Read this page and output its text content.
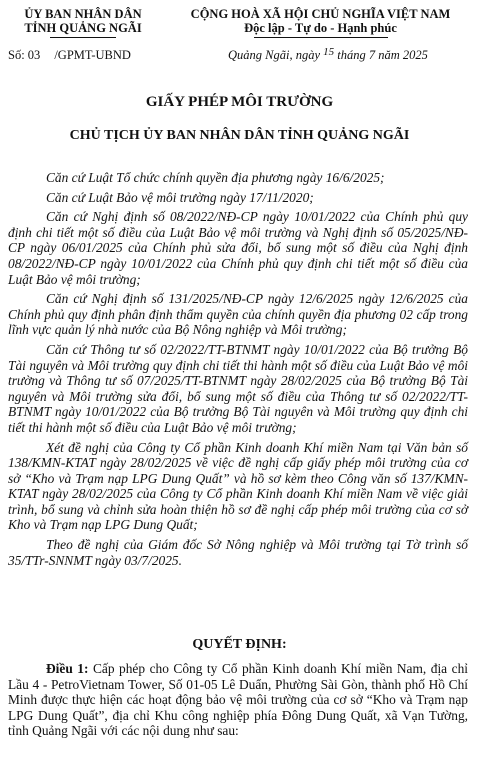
ỦY BAN NHÂN DÂN
TỈNH QUẢNG NGÃI
CỘNG HOÀ XÃ HỘI CHỦ NGHĨA VIỆT NAM
Độc lập - Tự do - Hạnh phúc
Số: 03 /GPMT-UBND	Quảng Ngãi, ngày 15 tháng 7 năm 2025
GIẤY PHÉP MÔI TRƯỜNG
CHỦ TỊCH ỦY BAN NHÂN DÂN TỈNH QUẢNG NGÃI

Căn cứ Luật Tổ chức chính quyền địa phương ngày 16/6/2025;

Căn cứ Luật Bảo vệ môi trường ngày 17/11/2020;

Căn cứ Nghị định số 08/2022/NĐ-CP ngày 10/01/2022 của Chính phủ quy định chi tiết một số điều của Luật Bảo vệ môi trường và Nghị định số 05/2025/NĐ-CP ngày 06/01/2025 của Chính phủ sửa đổi, bổ sung một số điều của Nghị định 08/2022/NĐ-CP ngày 10/01/2022 của Chính phủ quy định chi tiết một số điều của Luật Bảo vệ môi trường;

Căn cứ Nghị định số 131/2025/NĐ-CP ngày 12/6/2025 ngày 12/6/2025 của Chính phủ quy định phân định thẩm quyền của chính quyền địa phương 02 cấp trong lĩnh vực quản lý nhà nước của Bộ Nông nghiệp và Môi trường;

Căn cứ Thông tư số 02/2022/TT-BTNMT ngày 10/01/2022 của Bộ trưởng Bộ Tài nguyên và Môi trường quy định chi tiết thi hành một số điều của Luật Bảo vệ môi trường và Thông tư số 07/2025/TT-BTNMT ngày 28/02/2025 của Bộ trưởng Bộ Tài nguyên và Môi trường sửa đổi, bổ sung một số điều của Thông tư số 02/2022/TT-BTNMT ngày 10/01/2022 của Bộ trưởng Bộ Tài nguyên và Môi trường quy định chi tiết thi hành một số điều của Luật Bảo vệ môi trường;

Xét đề nghị của Công ty Cổ phần Kinh doanh Khí miền Nam tại Văn bản số 138/KMN-KTAT ngày 28/02/2025 về việc đề nghị cấp giấy phép môi trường của cơ sở “Kho và Trạm nạp LPG Dung Quất” và hồ sơ kèm theo Công văn số 137/KMN-KTAT ngày 28/02/2025 của Công ty Cổ phần Kinh doanh Khí miền Nam về việc giải trình, bổ sung và chỉnh sửa hoàn thiện hồ sơ đề nghị cấp phép môi trường của cơ sở Kho và Trạm nạp LPG Dung Quất;

Theo đề nghị của Giám đốc Sở Nông nghiệp và Môi trường tại Tờ trình số 35/TTr-SNNMT ngày 03/7/2025.

QUYẾT ĐỊNH:
Điều 1: Cấp phép cho Công ty Cổ phần Kinh doanh Khí miền Nam, địa chỉ Lầu 4 - PetroVietnam Tower, Số 01-05 Lê Duẩn, Phường Sài Gòn, thành phố Hồ Chí Minh được thực hiện các hoạt động bảo vệ môi trường của cơ sở “Kho và Trạm nạp LPG Dung Quất”, địa chỉ Khu công nghiệp phía Đông Dung Quất, xã Vạn Tường, tỉnh Quảng Ngãi với các nội dung như sau:
